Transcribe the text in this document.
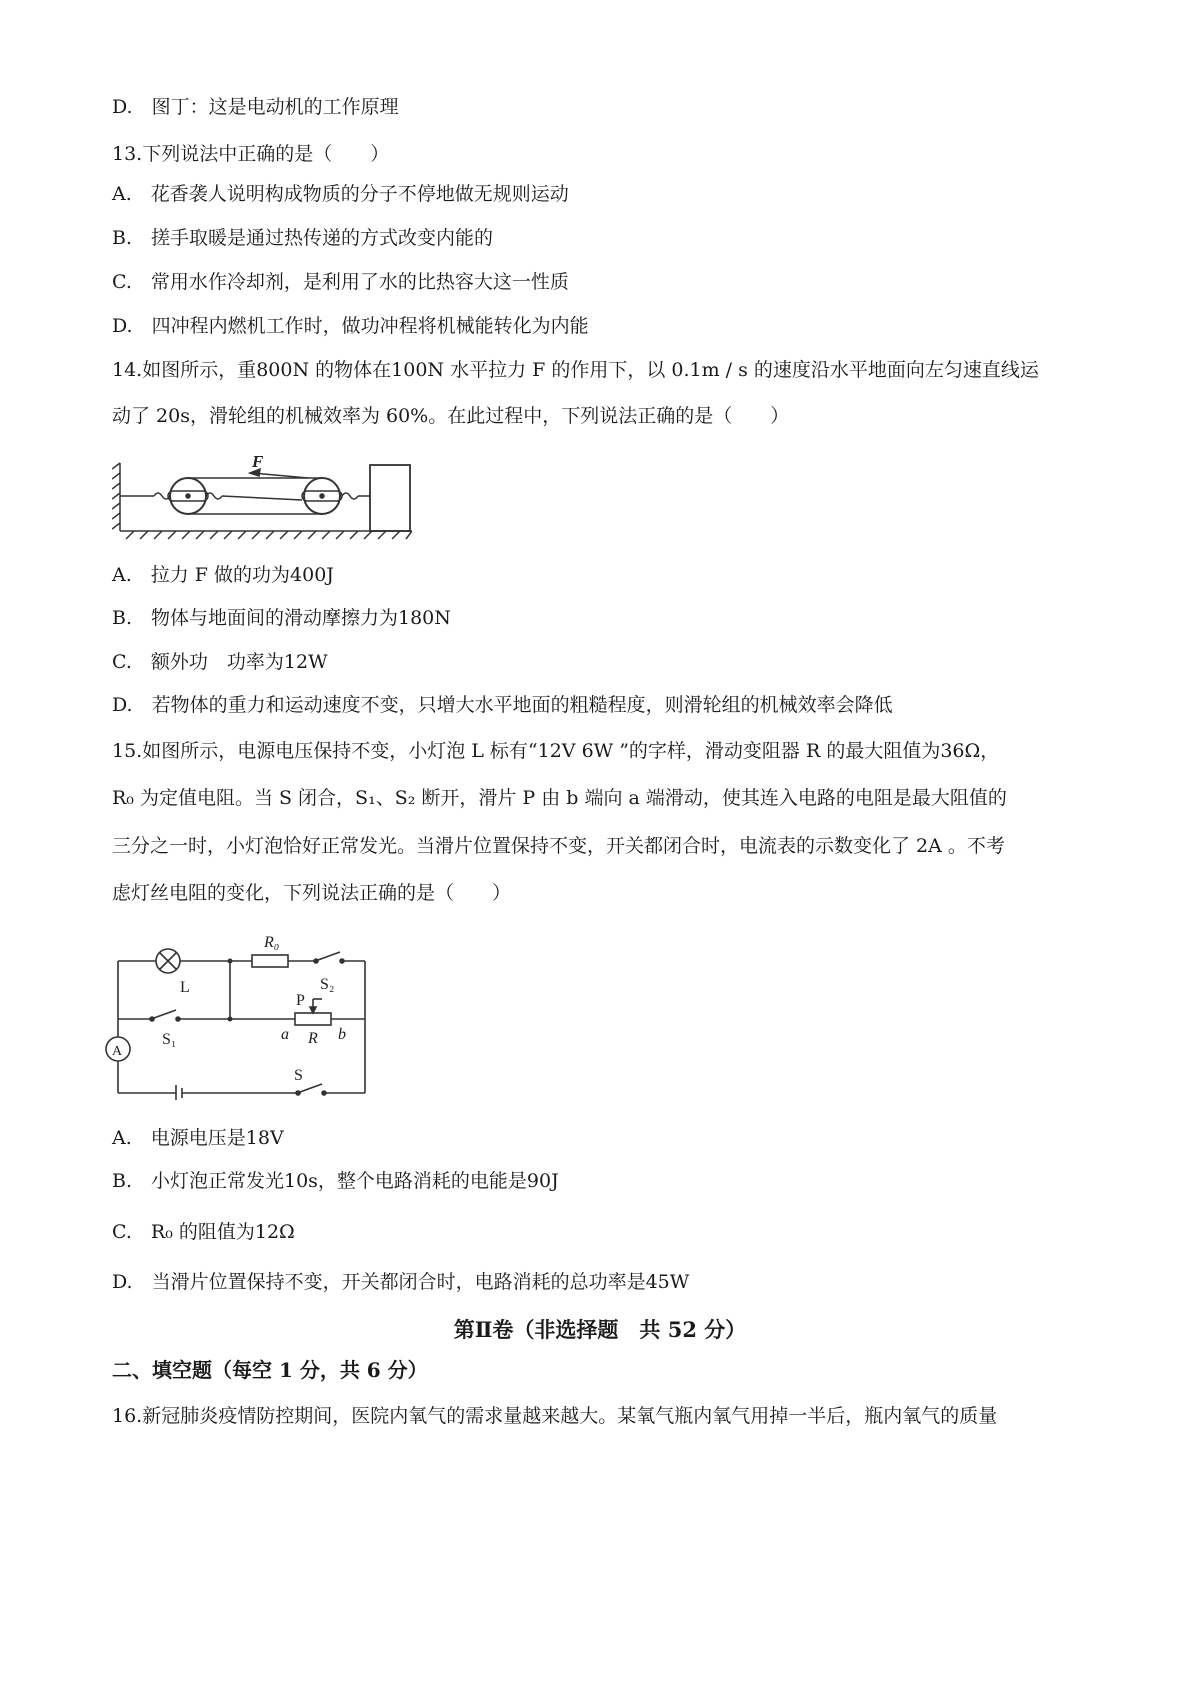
D.　图丁：这是电动机的工作原理
13.下列说法中正确的是（　　）
A.　花香袭人说明构成物质的分子不停地做无规则运动
B.　搓手取暖是通过热传递的方式改变内能的
C.　常用水作冷却剂，是利用了水的比热容大这一性质
D.　四冲程内燃机工作时，做功冲程将机械能转化为内能
14.如图所示，重800N 的物体在100N 水平拉力 F 的作用下，以 0.1m / s 的速度沿水平地面向左匀速直线运
动了 20s，滑轮组的机械效率为 60%。在此过程中，下列说法正确的是（　　）
F
A.　拉力 F 做的功为400J
B.　物体与地面间的滑动摩擦力为180N
C.　额外功　功率为12W
D.　若物体的重力和运动速度不变，只增大水平地面的粗糙程度，则滑轮组的机械效率会降低
15.如图所示，电源电压保持不变，小灯泡 L 标有“12V 6W ”的字样，滑动变阻器 R 的最大阻值为36Ω，
R₀ 为定值电阻。当 S 闭合，S₁、S₂ 断开，滑片 P 由 b 端向 a 端滑动，使其连入电路的电阻是最大阻值的
三分之一时，小灯泡恰好正常发光。当滑片位置保持不变，开关都闭合时，电流表的示数变化了 2A 。不考
虑灯丝电阻的变化，下列说法正确的是（　　）
L
R₀
S₂
S₁
P
a R b
A
S
A.　电源电压是18V
B.　小灯泡正常发光10s，整个电路消耗的电能是90J
C.　R₀ 的阻值为12Ω
D.　当滑片位置保持不变，开关都闭合时，电路消耗的总功率是45W
第Ⅱ卷（非选择题　共 52 分）
二、填空题（每空 1 分，共 6 分）
16.新冠肺炎疫情防控期间，医院内氧气的需求量越来越大。某氧气瓶内氧气用掉一半后，瓶内氧气的质量
